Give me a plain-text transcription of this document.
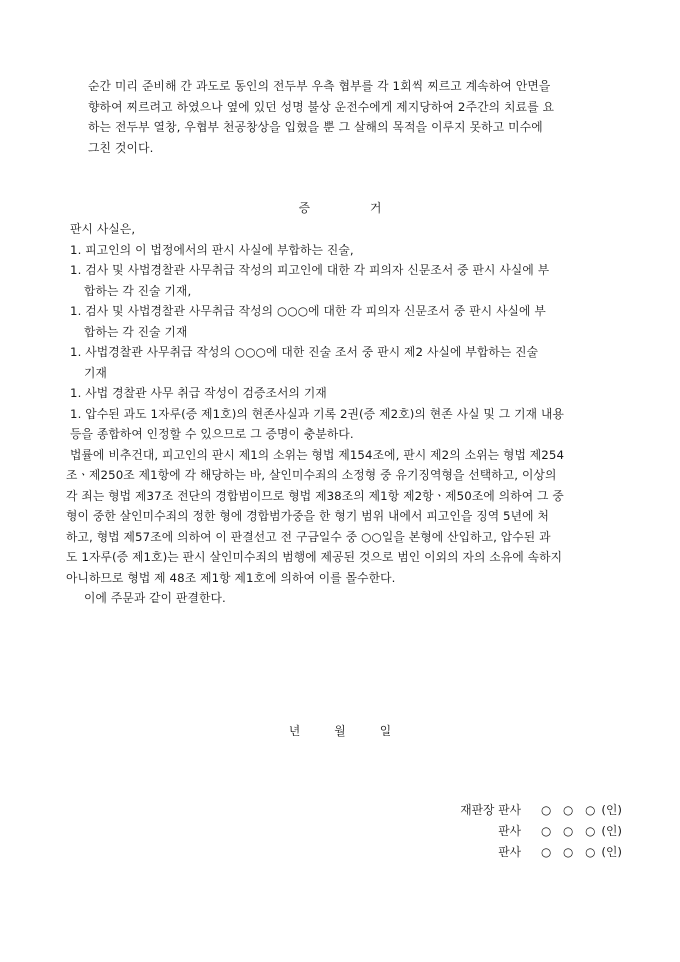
순간 미리 준비해 간 과도로 동인의 전두부 우측 협부를 각 1회씩 찌르고 계속하여 안면을
향하여 찌르려고 하였으나 옆에 있던 성명 불상 운전수에게 제지당하여 2주간의 치료를 요
하는 전두부 열창, 우협부 천공창상을 입혔을 뿐 그 살해의 목적을 이루지 못하고 미수에
그친 것이다.
증	거
판시 사실은,
1. 피고인의 이 법정에서의 판시 사실에 부합하는 진술,
1. 검사 및 사법경찰관 사무취급 작성의 피고인에 대한 각 피의자 신문조서 중 판시 사실에 부
합하는 각 진술 기재,
1. 검사 및 사법경찰관 사무취급 작성의 ○○○에 대한 각 피의자 신문조서 중 판시 사실에 부
합하는 각 진술 기재
1. 사법경찰관 사무취급 작성의 ○○○에 대한 진술 조서 중 판시 제2 사실에 부합하는 진술
기재
1. 사법 경찰관 사무 취급 작성이 검증조서의 기재
1. 압수된 과도 1자루(증 제1호)의 현존사실과 기록 2권(증 제2호)의 현존 사실 및 그 기재 내용
등을 종합하여 인정할 수 있으므로 그 증명이 충분하다.
법률에 비추건대, 피고인의 판시 제1의 소위는 형법 제154조에, 판시 제2의 소위는 형법 제254
조ㆍ제250조 제1항에 각 해당하는 바, 살인미수죄의 소정형 중 유기징역형을 선택하고, 이상의
각 죄는 형법 제37조 전단의 경합범이므로 형법 제38조의 제1항 제2항ㆍ제50조에 의하여 그 중
형이 중한 살인미수죄의 정한 형에 경합범가중을 한 형기 범위 내에서 피고인을 징역 5년에 처
하고, 형법 제57조에 의하여 이 판결선고 전 구금일수 중 ○○일을 본형에 산입하고, 압수된 과
도 1자루(증 제1호)는 판시 살인미수죄의 범행에 제공된 것으로 범인 이외의 자의 소유에 속하지
아니하므로 형법 제 48조 제1항 제1호에 의하여 이를 몰수한다.
이에 주문과 같이 판결한다.
년	월	일
재판장 판사 ○ ○ ○ (인)
판사 ○ ○ ○ (인)
판사 ○ ○ ○ (인)
